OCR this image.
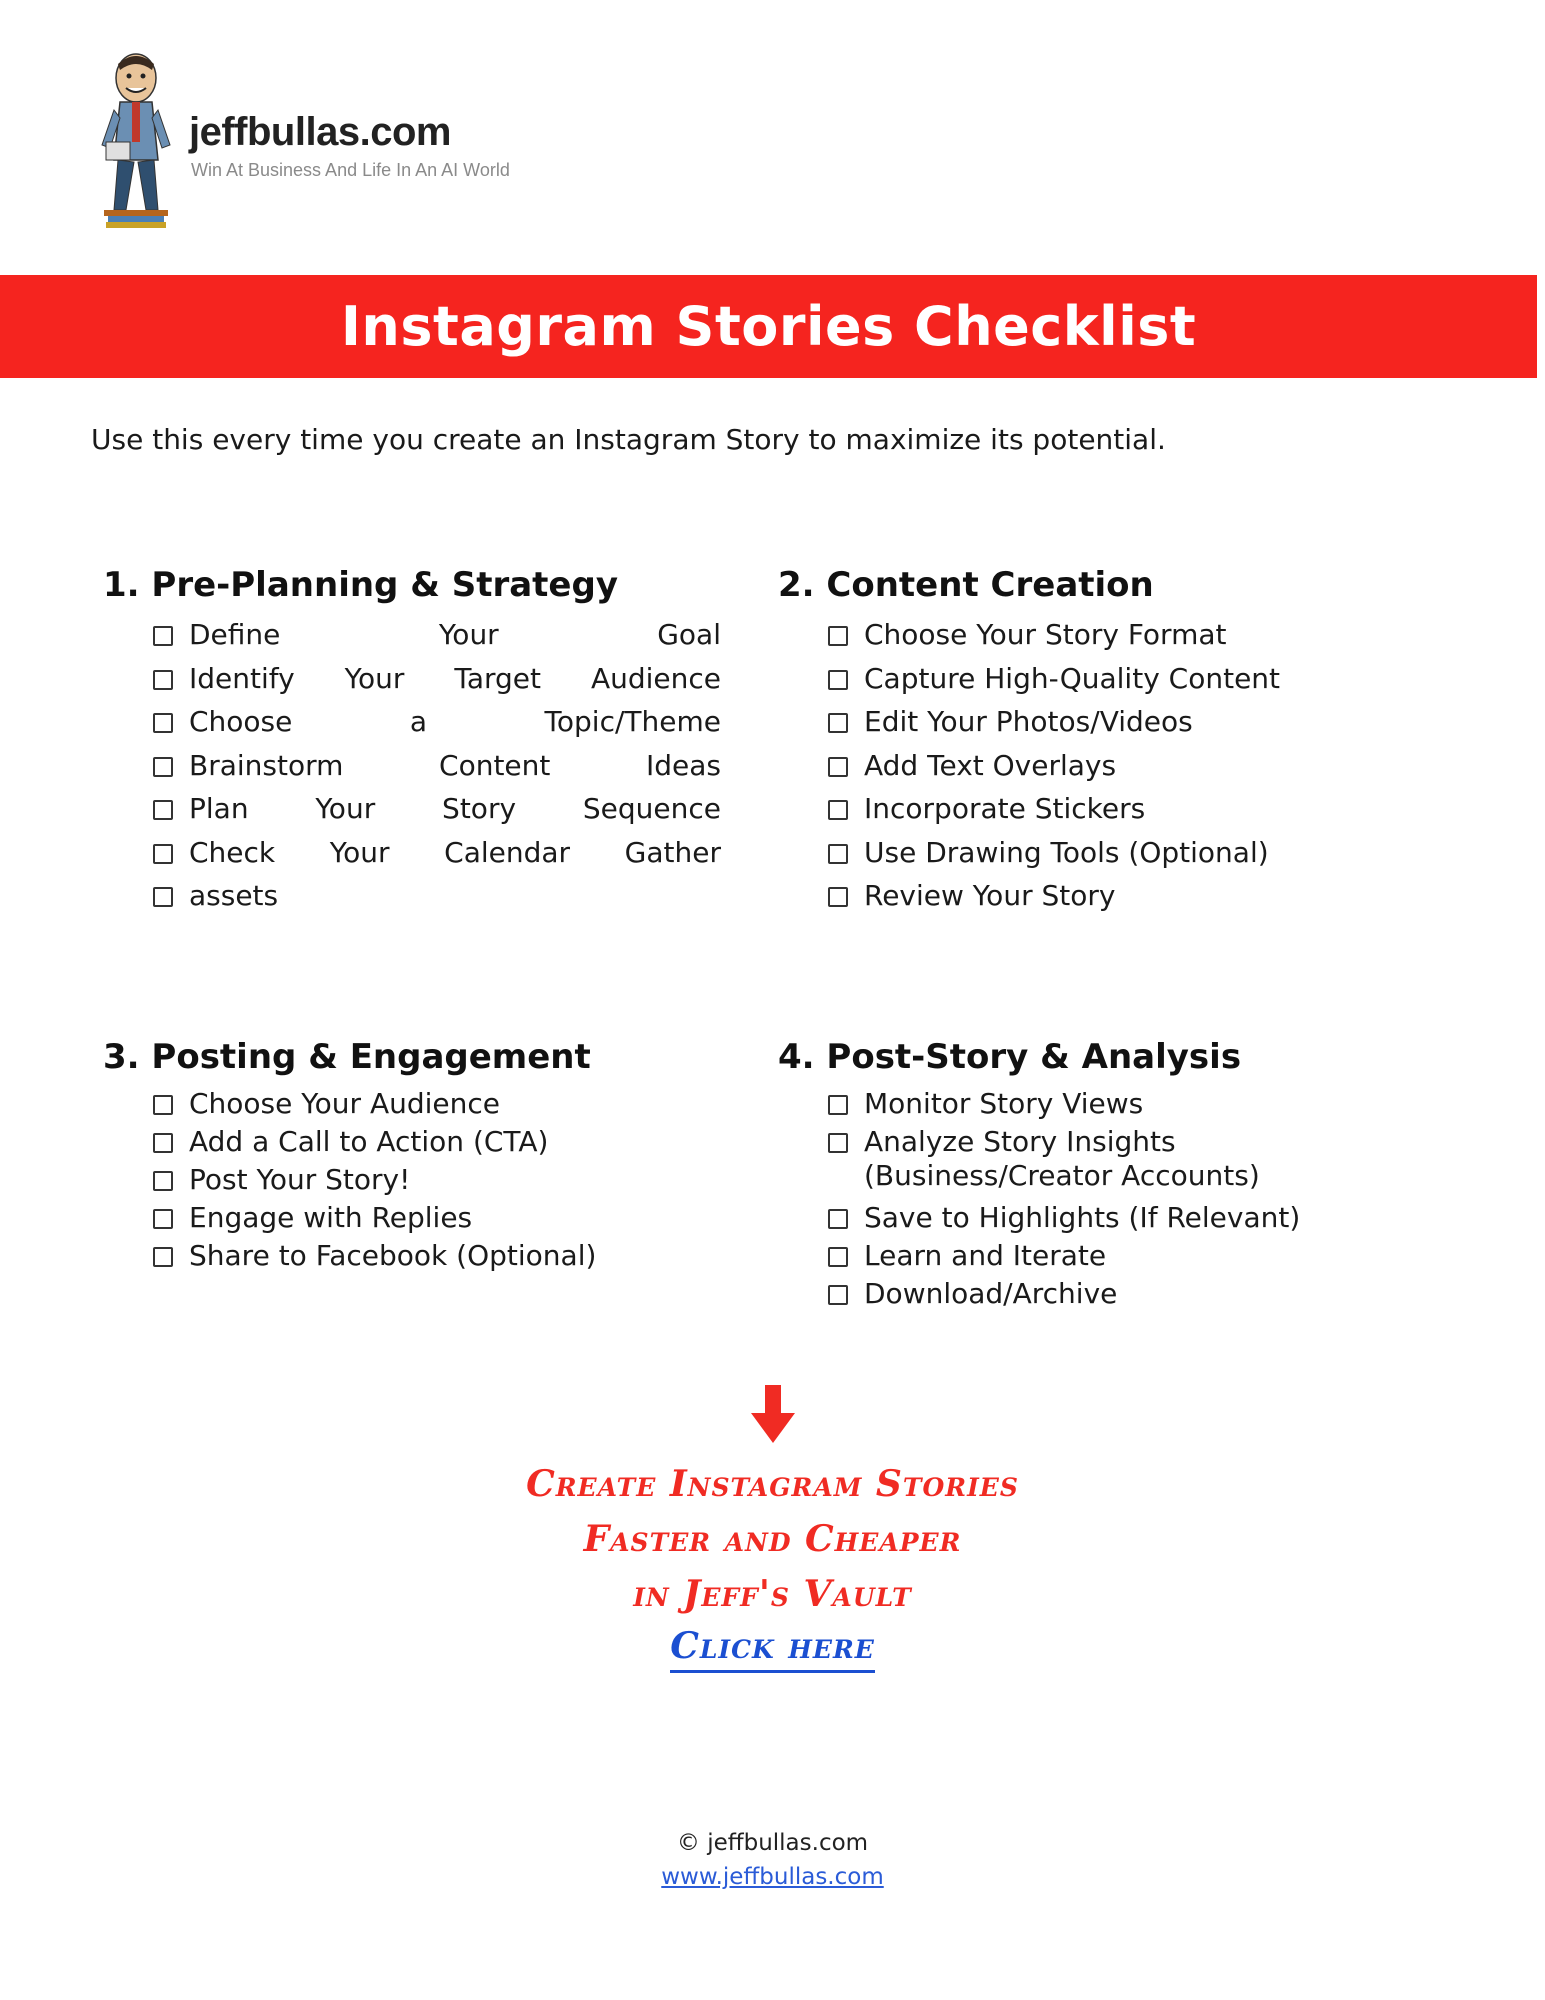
jeffbullas.com
Win At Business And Life In An AI World
Instagram Stories Checklist
Use this every time you create an Instagram Story to maximize its potential.
1. Pre-Planning & Strategy
Define Your Goal
Identify Your Target Audience
Choose a Topic/Theme
Brainstorm Content Ideas
Plan Your Story Sequence
Check Your Calendar Gather
assets
2. Content Creation
Choose Your Story Format
Capture High-Quality Content
Edit Your Photos/Videos
Add Text Overlays
Incorporate Stickers
Use Drawing Tools (Optional)
Review Your Story
3. Posting & Engagement
Choose Your Audience
Add a Call to Action (CTA)
Post Your Story!
Engage with Replies
Share to Facebook (Optional)
4. Post-Story & Analysis
Monitor Story Views
Analyze Story Insights
(Business/Creator Accounts)
Save to Highlights (If Relevant)
Learn and Iterate
Download/Archive
Create Instagram Stories
Faster and Cheaper
in Jeff's Vault
Click here
© jeffbullas.com
www.jeffbullas.com
